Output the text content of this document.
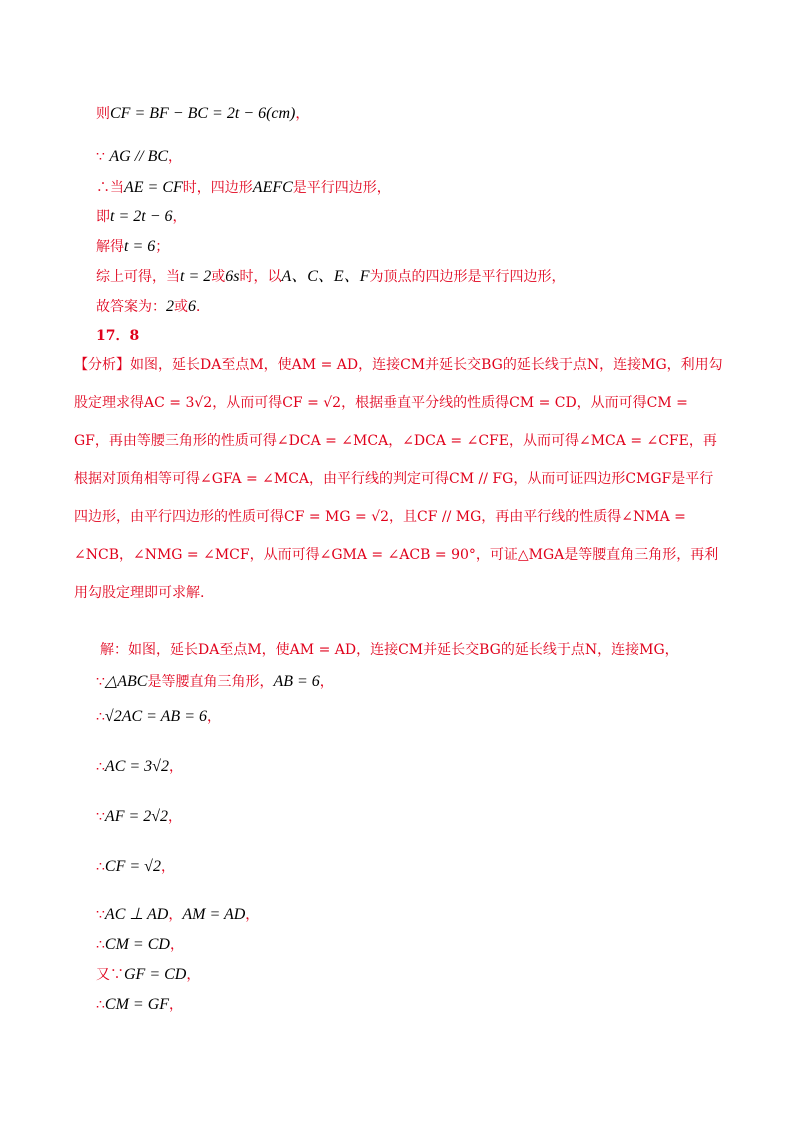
则CF = BF − BC = 2t − 6(cm)，
∵ AG // BC，
∴当AE = CF时，四边形AEFC是平行四边形，
即t = 2t − 6，
解得t = 6；
综上可得，当t = 2或6s时，以A、C、E、F为顶点的四边形是平行四边形，
故答案为：2或6．
17．8
【分析】如图，延长DA至点M，使AM = AD，连接CM并延长交BG的延长线于点N，连接MG，利用勾股定理求得AC = 3√2，从而可得CF = √2，根据垂直平分线的性质得CM = CD，从而可得CM = GF，再由等腰三角形的性质可得∠DCA = ∠MCA，∠DCA = ∠CFE，从而可得∠MCA = ∠CFE，再根据对顶角相等可得∠GFA = ∠MCA，由平行线的判定可得CM // FG，从而可证四边形CMGF是平行四边形，由平行四边形的性质可得CF = MG = √2，且CF // MG，再由平行线的性质得∠NMA = ∠NCB，∠NMG = ∠MCF，从而可得∠GMA = ∠ACB = 90°，可证△MGA是等腰直角三角形，再利用勾股定理即可求解.
解：如图，延长DA至点M，使AM = AD，连接CM并延长交BG的延长线于点N，连接MG，
∵△ABC是等腰直角三角形，AB = 6，
∴√2AC = AB = 6，
∴AC = 3√2，
∵AF = 2√2，
∴CF = √2，
∵AC ⊥ AD，AM = AD，
∴CM = CD，
又∵GF = CD，
∴CM = GF，
